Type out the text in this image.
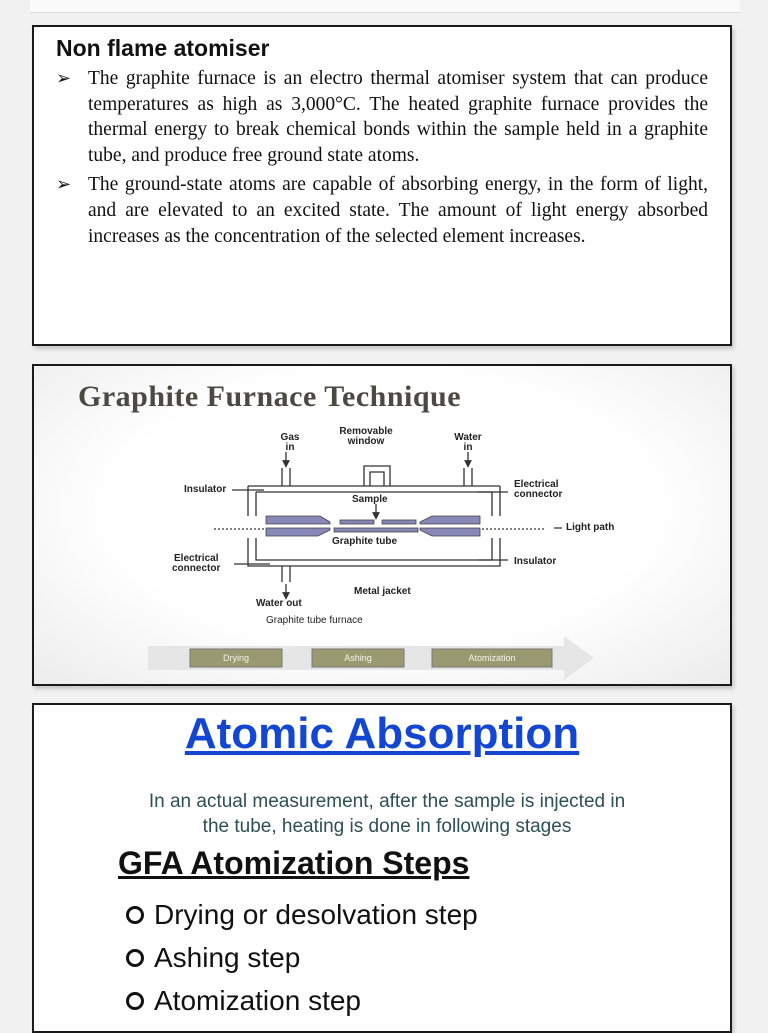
Non flame atomiser
➢ The graphite furnace is an electro thermal atomiser system that can produce temperatures as high as 3,000°C. The heated graphite furnace provides the thermal energy to break chemical bonds within the sample held in a graphite tube, and produce free ground state atoms.
➢ The ground-state atoms are capable of absorbing energy, in the form of light, and are elevated to an excited state. The amount of light energy absorbed increases as the concentration of the selected element increases.
Graphite Furnace Technique
Gas
in
Removable
window	Water
in
Insulator	Electrical
connector
Sample
Light path
Graphite tube
Electrical
connector
Insulator
Metal jacket
Water out
Graphite tube furnace
Drying	Ashing	Atomization
Atomic Absorption

In an actual measurement, after the sample is injected in
the tube, heating is done in following stages

GFA Atomization Steps
Drying or desolvation step
Ashing step
Atomization step
